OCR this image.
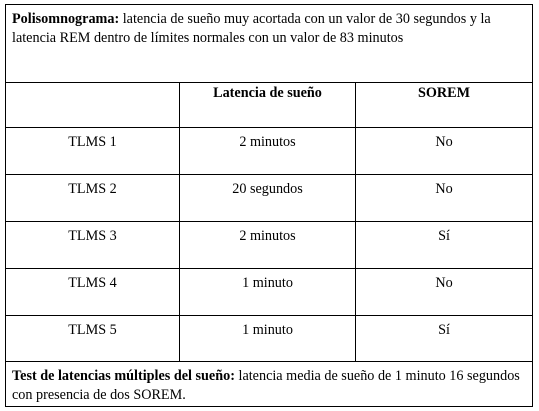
Polisomnograma: latencia de sueño muy acortada con un valor de 30 segundos y la latencia REM dentro de límites normales con un valor de 83 minutos		
	Latencia de sueño	SOREM
TLMS 1	2 minutos	No
TLMS 2	20 segundos	No
TLMS 3	2 minutos	Sí
TLMS 4	1 minuto	No
TLMS 5	1 minuto	Sí
Test de latencias múltiples del sueño: latencia media de sueño de 1 minuto 16 segundos con presencia de dos SOREM.		
